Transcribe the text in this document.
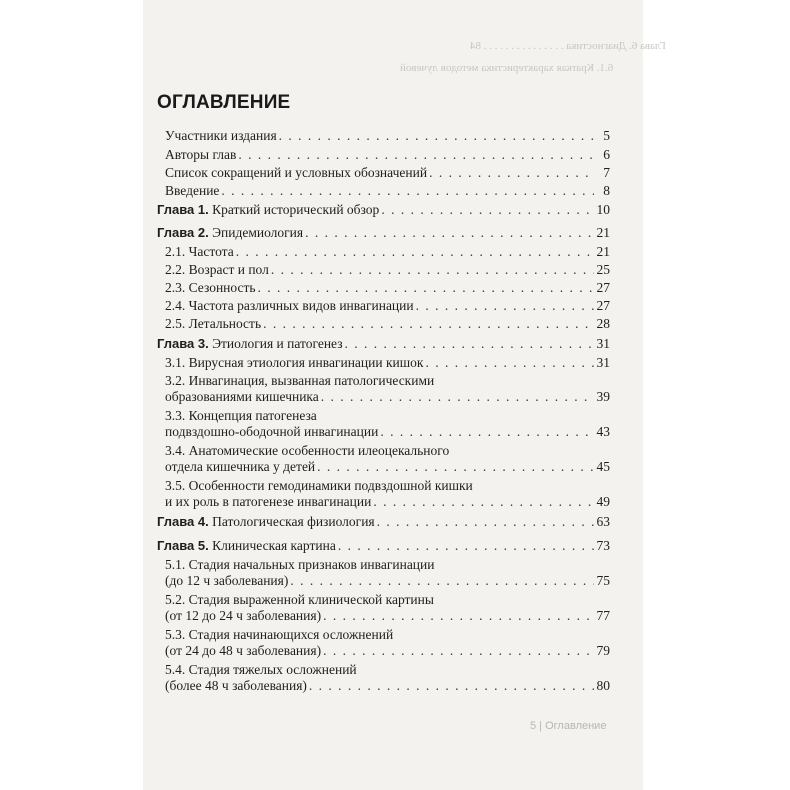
Глава 6. Диагностика . . . . . . . . . . . . . . . 84
6.1. Краткая характеристика методов лучевой
ОГЛАВЛЕНИЕ
Участники издания . . .	5
Авторы глав . . .	6
Список сокращений и условных обозначений . . .	7
Введение . . .	8
Глава 1. Краткий исторический обзор . . .	10
Глава 2. Эпидемиология . . .	21
2.1. Частота . . .	21
2.2. Возраст и пол . . .	25
2.3. Сезонность . . .	27
2.4. Частота различных видов инвагинации . . .	27
2.5. Летальность . . .	28
Глава 3. Этиология и патогенез . . .	31
3.1. Вирусная этиология инвагинации кишок . . .	31
3.2. Инвагинация, вызванная патологическими
образованиями кишечника . . .	39
3.3. Концепция патогенеза
подвздошно-ободочной инвагинации . . .	43
3.4. Анатомические особенности илеоцекального
отдела кишечника у детей . . .	45
3.5. Особенности гемодинамики подвздошной кишки
и их роль в патогенезе инвагинации . . .	49
Глава 4. Патологическая физиология . . .	63
Глава 5. Клиническая картина . . .	73
5.1. Стадия начальных признаков инвагинации
(до 12 ч заболевания) . . .	75
5.2. Стадия выраженной клинической картины
(от 12 до 24 ч заболевания) . . .	77
5.3. Стадия начинающихся осложнений
(от 24 до 48 ч заболевания) . . .	79
5.4. Стадия тяжелых осложнений
(более 48 ч заболевания) . . .	80
5 | Оглавление
